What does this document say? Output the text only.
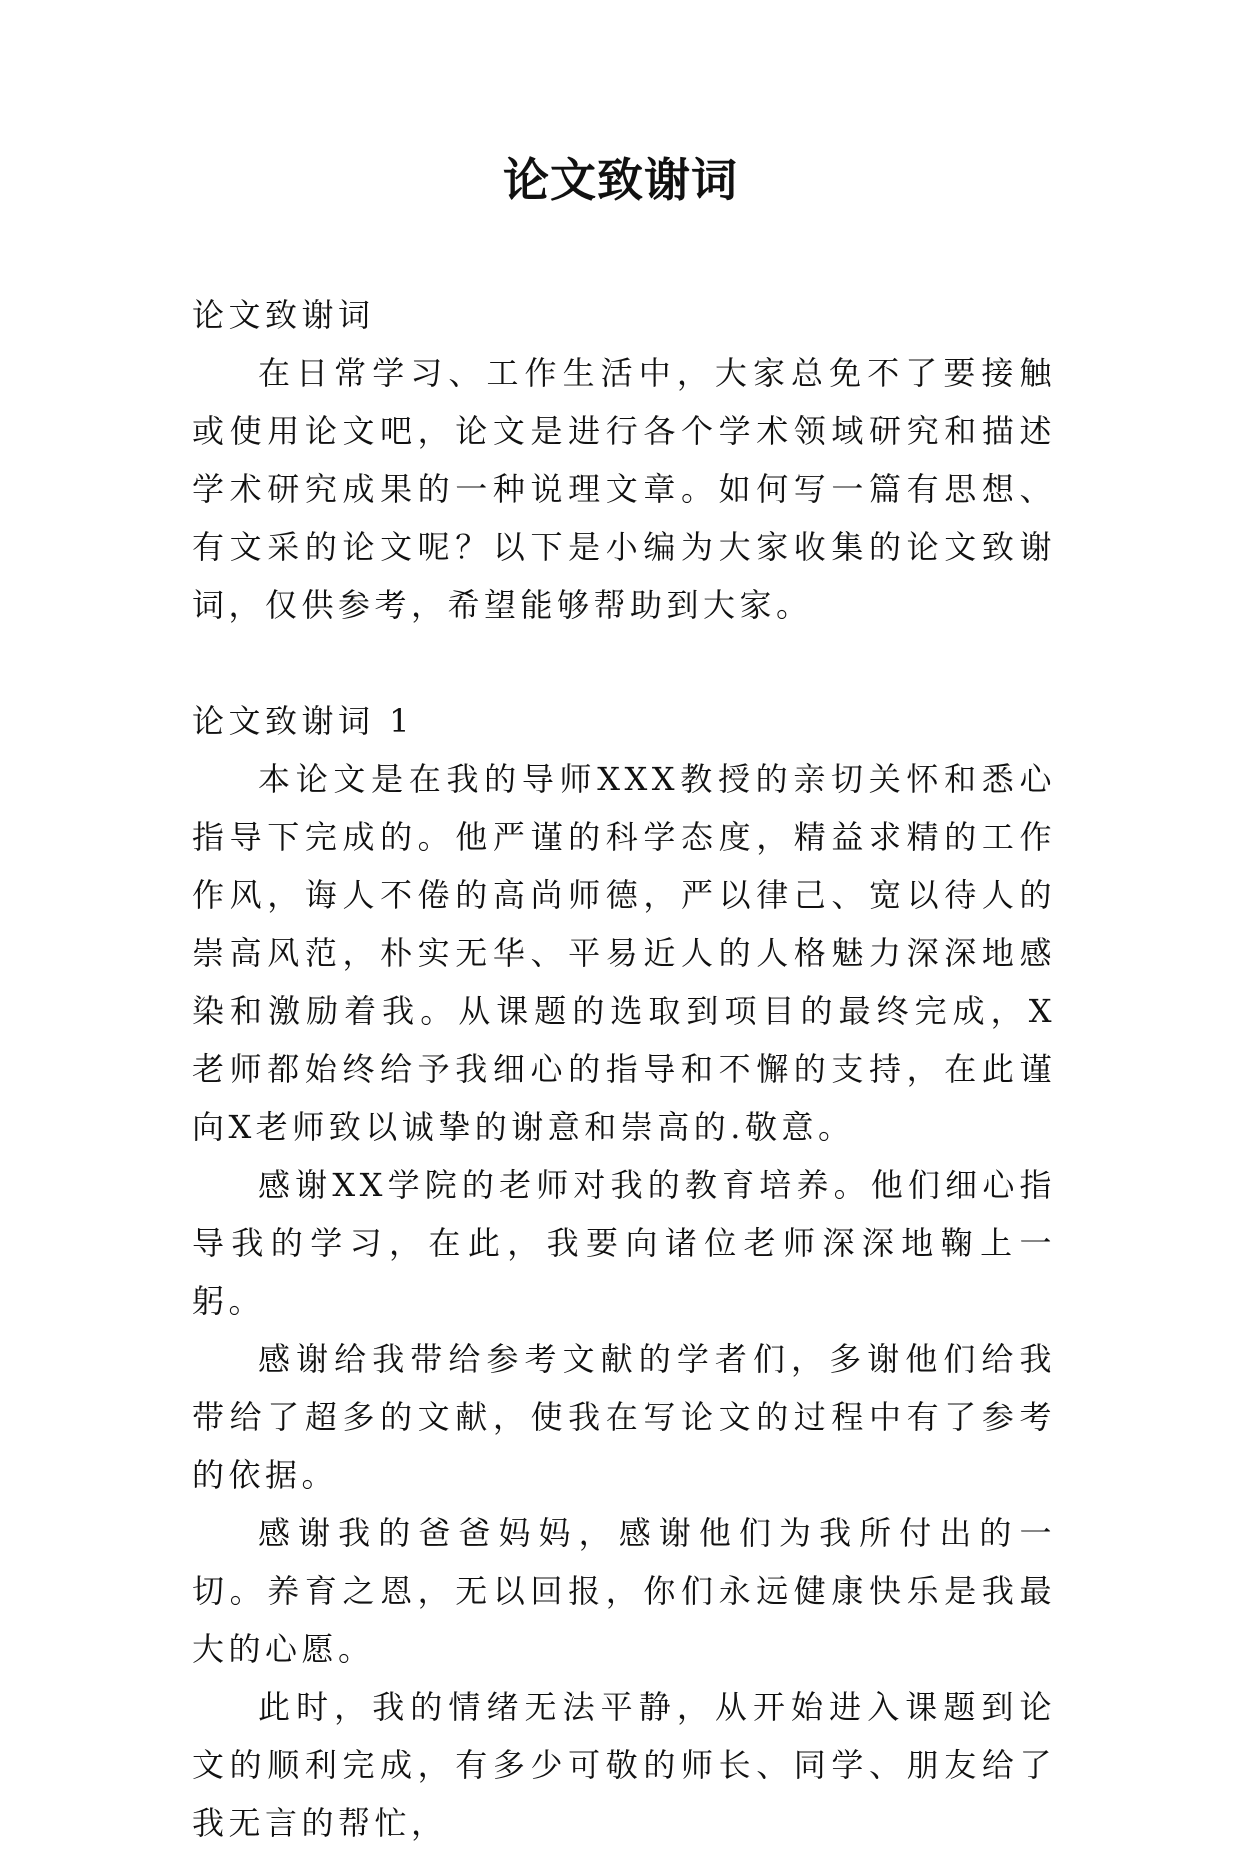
论文致谢词

论文致谢词

在日常学习、工作生活中，大家总免不了要接触或使用论文吧，论文是进行各个学术领域研究和描述学术研究成果的一种说理文章。如何写一篇有思想、有文采的论文呢？以下是小编为大家收集的论文致谢词，仅供参考，希望能够帮助到大家。

论文致谢词 1

本论文是在我的导师XXX教授的亲切关怀和悉心指导下完成的。他严谨的科学态度，精益求精的工作作风，诲人不倦的高尚师德，严以律己、宽以待人的崇高风范，朴实无华、平易近人的人格魅力深深地感染和激励着我。从课题的选取到项目的最终完成，X老师都始终给予我细心的指导和不懈的支持，在此谨向X老师致以诚挚的谢意和崇高的.敬意。

感谢XX学院的老师对我的教育培养。他们细心指导我的学习，在此，我要向诸位老师深深地鞠上一躬。

感谢给我带给参考文献的学者们，多谢他们给我带给了超多的文献，使我在写论文的过程中有了参考的依据。

感谢我的爸爸妈妈，感谢他们为我所付出的一切。养育之恩，无以回报，你们永远健康快乐是我最大的心愿。

此时，我的情绪无法平静，从开始进入课题到论文的顺利完成，有多少可敬的师长、同学、朋友给了我无言的帮忙，
